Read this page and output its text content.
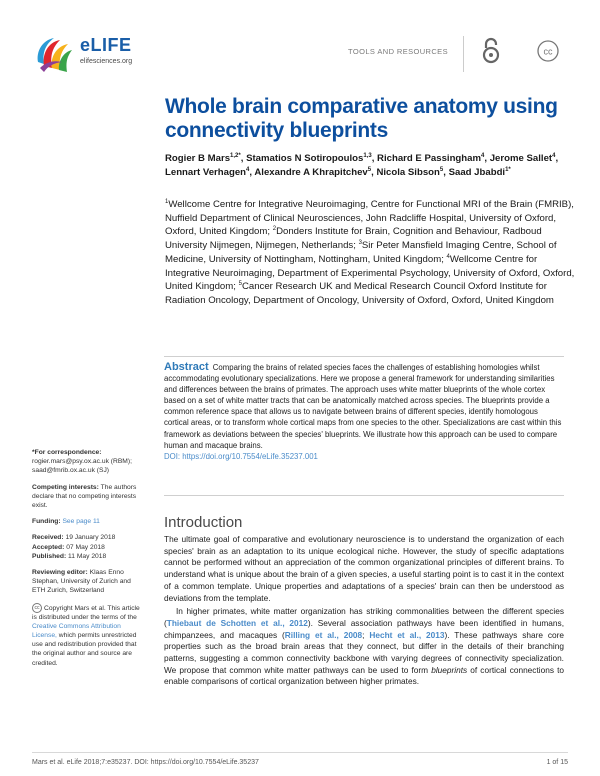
eLIFE
elifesciences.org
TOOLS AND RESOURCES	cc
Whole brain comparative anatomy using connectivity blueprints
Rogier B Mars$^{1,2*}$, Stamatios N Sotiropoulos$^{1,3}$, Richard E Passingham$^4$, Jerome Sallet$^4$, Lennart Verhagen$^4$, Alexandre A Khrapitchev$^5$, Nicola Sibson$^5$, Saad Jbabdi$^{1*}$
$^1$Wellcome Centre for Integrative Neuroimaging, Centre for Functional MRI of the Brain (FMRIB), Nuffield Department of Clinical Neurosciences, John Radcliffe Hospital, University of Oxford, Oxford, United Kingdom; $^2$Donders Institute for Brain, Cognition and Behaviour, Radboud University Nijmegen, Nijmegen, Netherlands; $^3$Sir Peter Mansfield Imaging Centre, School of Medicine, University of Nottingham, Nottingham, United Kingdom; $^4$Wellcome Centre for Integrative Neuroimaging, Department of Experimental Psychology, University of Oxford, Oxford, United Kingdom; $^5$Cancer Research UK and Medical Research Council Oxford Institute for Radiation Oncology, Department of Oncology, University of Oxford, Oxford, United Kingdom
Abstract Comparing the brains of related species faces the challenges of establishing homologies whilst accommodating evolutionary specializations. Here we propose a general framework for understanding similarities and differences between the brains of primates. The approach uses white matter blueprints of the whole cortex based on a set of white matter tracts that can be anatomically matched across species. The blueprints provide a common reference space that allows us to navigate between brains of different species, identify homologous cortical areas, or to transform whole cortical maps from one species to the other. Specializations are cast within this framework as deviations between the species' blueprints. We illustrate how this approach can be used to compare human and macaque brains.
DOI: https://doi.org/10.7554/eLife.35237.001
*For correspondence:
rogier.mars@psy.ox.ac.uk (RBM); saad@fmrib.ox.ac.uk (SJ)
Competing interests: The authors declare that no competing interests exist.
Funding: See page 11
Received: 19 January 2018
Accepted: 07 May 2018
Published: 11 May 2018
Reviewing editor: Klaas Enno Stephan, University of Zurich and ETH Zurich, Switzerland
cc Copyright Mars et al. This article is distributed under the terms of the Creative Commons Attribution License, which permits unrestricted use and redistribution provided that the original author and source are credited.
Introduction

The ultimate goal of comparative and evolutionary neuroscience is to understand the organization of each species' brain as an adaptation to its unique ecological niche. However, the study of specific adaptations cannot be performed without an appreciation of the common organizational principles of different brains. To understand what is unique about the brain of a given species, a useful starting point is to cast it in the context of a common template. Unique properties and adaptations of a species' brain can then be understood as deviations from the template.

In higher primates, white matter organization has striking commonalities between the different species (Thiebaut de Schotten et al., 2012). Several association pathways have been identified in humans, chimpanzees, and macaques (Rilling et al., 2008; Hecht et al., 2013). These pathways share core properties such as the broad brain areas that they connect, but differ in the details of their branching patterns, suggesting a common connectivity backbone with varying degrees of connectivity specialization. We propose that common white matter pathways can be used to form blueprints of cortical connections to enable comparisons of cortical organization between higher primates.

Mars et al. eLife 2018;7:e35237. DOI: https://doi.org/10.7554/eLife.35237	1 of 15
